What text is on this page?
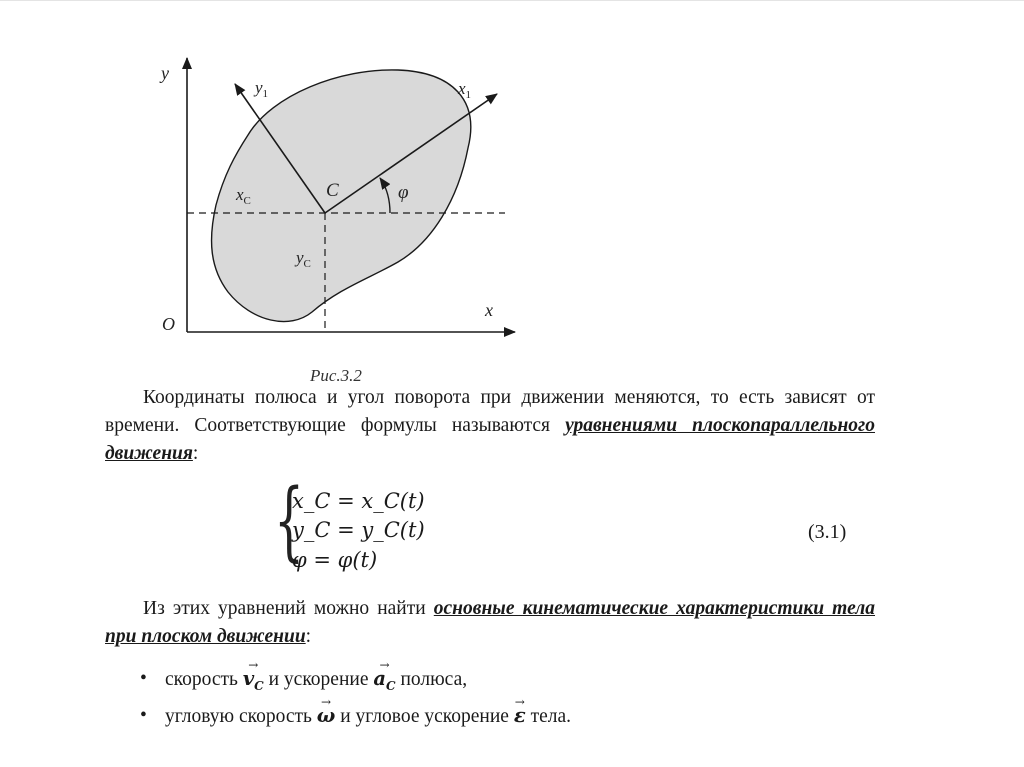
y
$y_1$	$x_1$
x
O
C	φ
$x_C$
$y_C$
Рис.3.2

Координаты полюса и угол поворота при движении меняются, то есть зависят от времени. Соответствующие формулы называются уравнениями плоскопараллельного движения:

{
x_C = x_C(t)
y_C = y_C(t)
φ = φ(t)
(3.1)

Из этих уравнений можно найти основные кинематические характеристики тела при плоском движении:

• скорость → $v_C$ и ускорение → $a_C$ полюса,
• угловую скорость → ω и угловое ускорение → ε тела.
